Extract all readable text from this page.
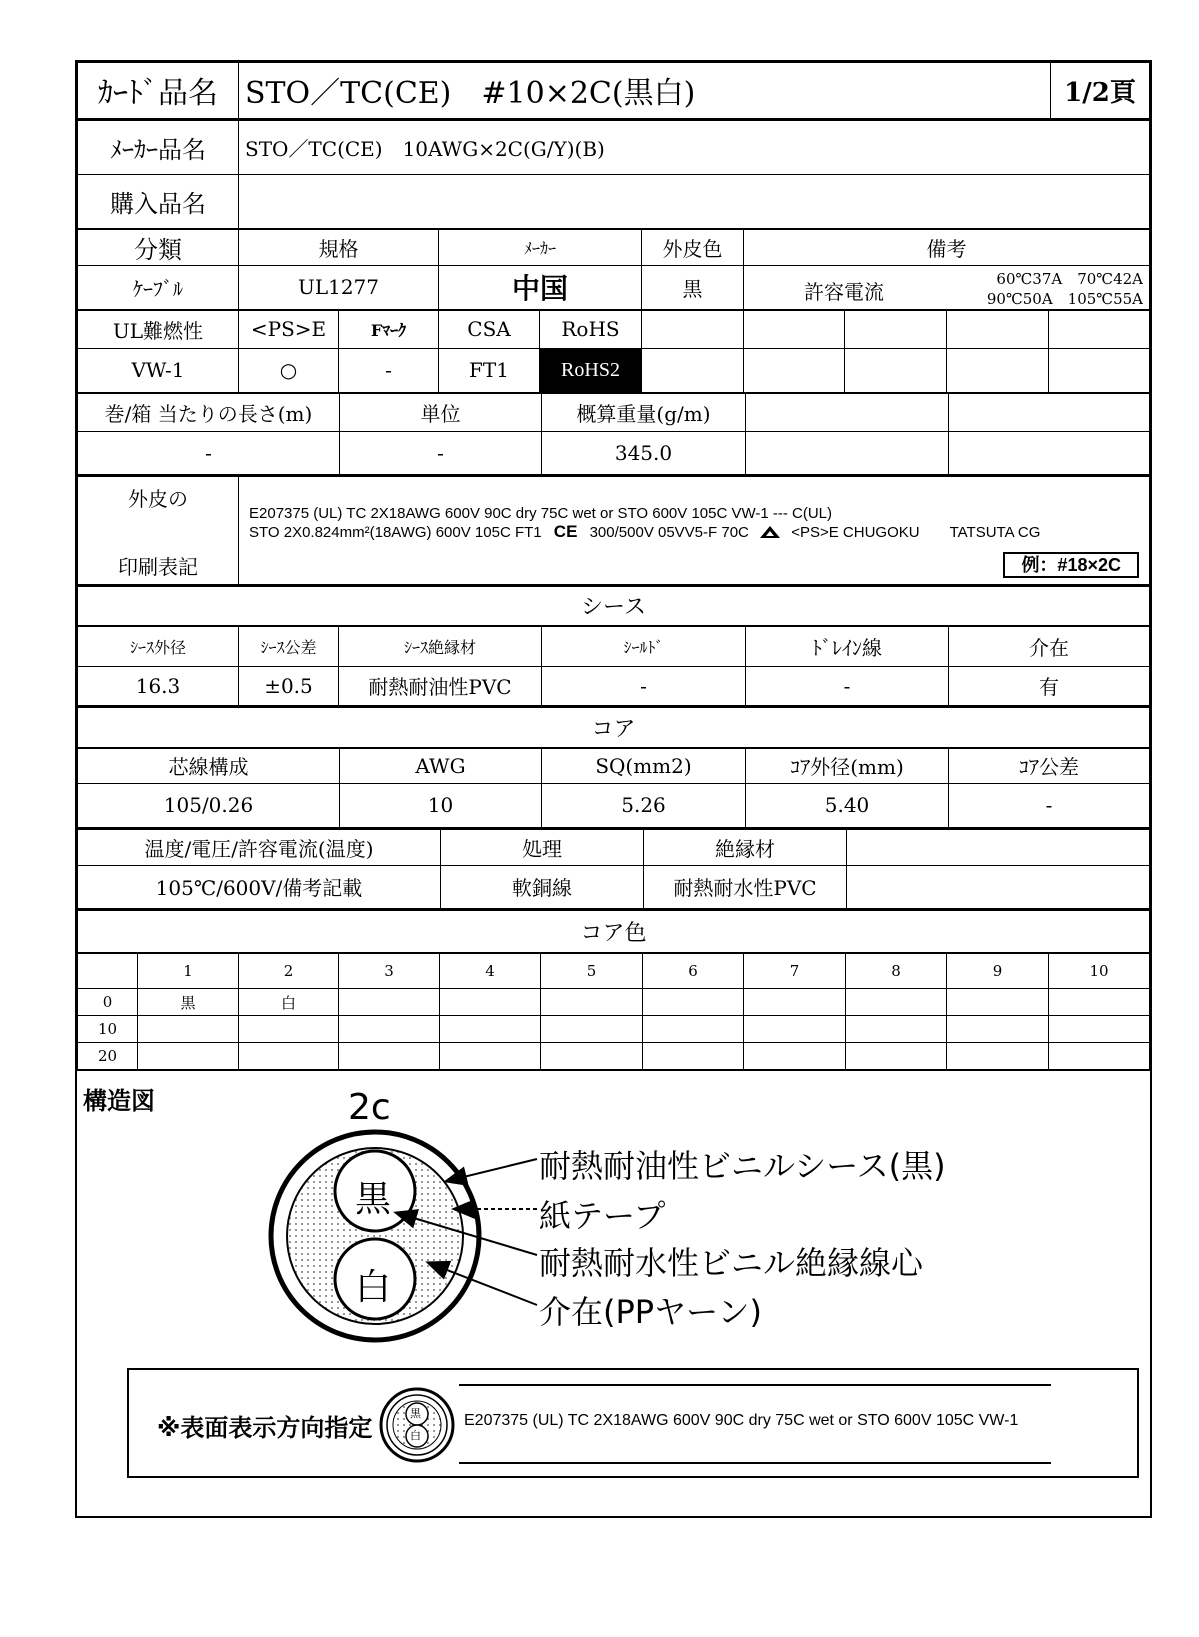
ｶｰﾄﾞ品名	STO／TC(CE)　#10×2C(黒白)	1/2頁
ﾒｰｶｰ品名	STO／TC(CE)　10AWG×2C(G/Y)(B)
購入品名	
分類	規格	ﾒｰｶｰ	外皮色	備考
ｹｰﾌﾞﾙ	UL1277	中国	黒	許容電流
60℃37A　70℃42A
90℃50A　105℃55A
UL難燃性	<PS>E	Fﾏｰｸ	CSA	RoHS					
VW-1	○	-	FT1	RoHS2					
巻/箱 当たりの長さ(m)	単位	概算重量(g/m)		
-	-	345.0		
外皮の
印刷表記

E207375 (UL) TC 2X18AWG 600V 90C dry 75C wet or STO 600V 105C VW-1 --- C(UL)
STO 2X0.824mm²(18AWG) 600V 105C FT1 CE 300/500V 05VV5-F 70C	<PS>E CHUGOKU　　TATSUTA CG
例：#18×2C
シース					
ｼｰｽ外径	ｼｰｽ公差	ｼｰｽ絶縁材	ｼｰﾙﾄﾞ	ﾄﾞﾚｲﾝ線	介在
16.3	±0.5	耐熱耐油性PVC	-	-	有
コア				
芯線構成	AWG	SQ(mm2)	ｺｱ外径(mm)	ｺｱ公差
105/0.26	10	5.26	5.40	-
温度/電圧/許容電流(温度)	処理	絶縁材	
105℃/600V/備考記載	軟銅線	耐熱耐水性PVC	
コア色										
	1	2	3	4	5	6	7	8	9	10
0	黒	白								
10										
20										
構造図	2c
黒
白
耐熱耐油性ビニルシース(黒)
紙テープ
耐熱耐水性ビニル絶縁線心
介在(PPヤーン)
※表面表示方向指定
黒
白
E207375 (UL) TC 2X18AWG 600V 90C dry 75C wet or STO 600V 105C VW-1
